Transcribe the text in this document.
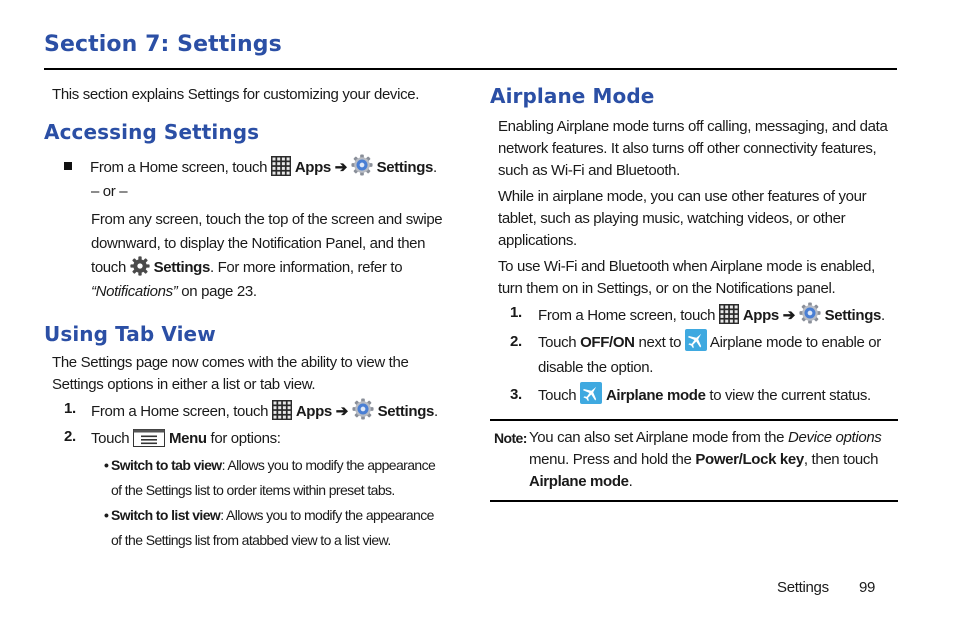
Section 7: Settings

This section explains Settings for customizing your device.

Accessing Settings
From a Home screen, touch Apps ➔ Settings.
– or –

From any screen, touch the top of the screen and swipe downward, to display the Notification Panel, and then touch Settings. For more information, refer to “Notifications” on page 23.

Using Tab View

The Settings page now comes with the ability to view the Settings options in either a list or tab view.

1.	From a Home screen, touch Apps ➔ Settings.
2.	Touch	Menu for options:
• Switch to tab view: Allows you to modify the appearance of the Settings list to order items within preset tabs.
• Switch to list view: Allows you to modify the appearance of the Settings list from atabbed view to a list view.
Airplane Mode

Enabling Airplane mode turns off calling, messaging, and data network features. It also turns off other connectivity features, such as Wi-Fi and Bluetooth.

While in airplane mode, you can use other features of your tablet, such as playing music, watching videos, or other applications.

To use Wi-Fi and Bluetooth when Airplane mode is enabled, turn them on in Settings, or on the Notifications panel.

1.	From a Home screen, touch Apps ➔ Settings.
2.	Touch OFF/ON next to Airplane mode to enable or disable the option.
3.	Touch Airplane mode to view the current status.
Note: You can also set Airplane mode from the Device options menu. Press and hold the Power/Lock key, then touch Airplane mode.
Settings 99
